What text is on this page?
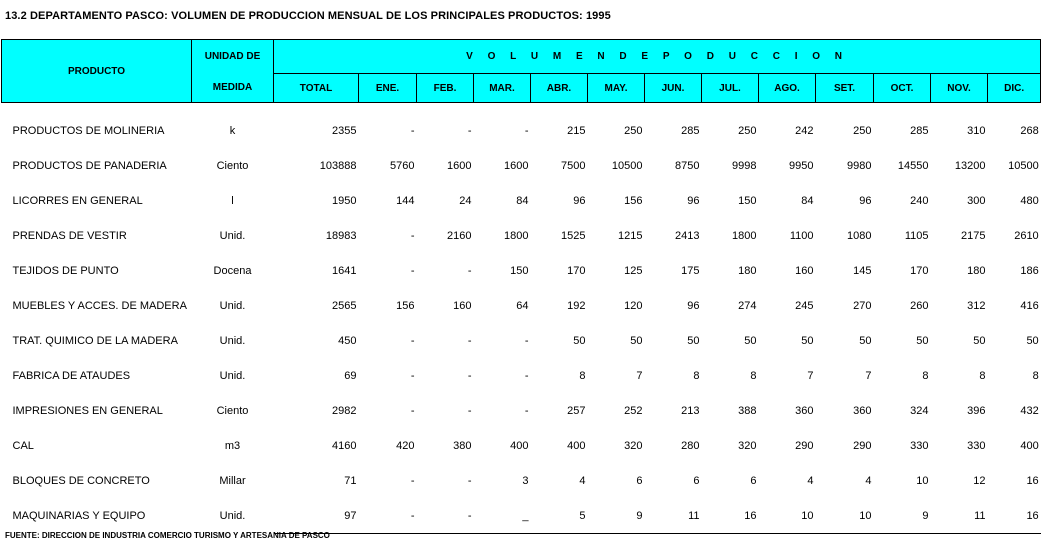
13.2 DEPARTAMENTO PASCO: VOLUMEN DE PRODUCCION MENSUAL DE LOS PRINCIPALES PRODUCTOS: 1995
PRODUCTO	UNIDAD DE	V O L U M E N D E P O D U C C I O N												
	MEDIDA	TOTAL	ENE.	FEB.	MAR.	ABR.	MAY.	JUN.	JUL.	AGO.	SET.	OCT.	NOV.	DIC.

PRODUCTOS DE MOLINERIA	k	2355	-	-	-	215	250	285	250	242	250	285	310	268
PRODUCTOS DE PANADERIA	Ciento	103888	5760	1600	1600	7500	10500	8750	9998	9950	9980	14550	13200	10500
LICORRES EN GENERAL	l	1950	144	24	84	96	156	96	150	84	96	240	300	480
PRENDAS DE VESTIR	Unid.	18983	-	2160	1800	1525	1215	2413	1800	1100	1080	1105	2175	2610
TEJIDOS DE PUNTO	Docena	1641	-	-	150	170	125	175	180	160	145	170	180	186
MUEBLES Y ACCES. DE MADERA	Unid.	2565	156	160	64	192	120	96	274	245	270	260	312	416
TRAT. QUIMICO DE LA MADERA	Unid.	450	-	-	-	50	50	50	50	50	50	50	50	50
FABRICA DE ATAUDES	Unid.	69	-	-	-	8	7	8	8	7	7	8	8	8
IMPRESIONES EN GENERAL	Ciento	2982	-	-	-	257	252	213	388	360	360	324	396	432
CAL	m3	4160	420	380	400	400	320	280	320	290	290	330	330	400
BLOQUES DE CONCRETO	Millar	71	-	-	3	4	6	6	6	4	4	10	12	16
MAQUINARIAS Y EQUIPO	Unid.	97	-	-	_	5	9	11	16	10	10	9	11	16
FUENTE: DIRECCION DE INDUSTRIA COMERCIO TURISMO Y ARTESANIA DE PASCO
